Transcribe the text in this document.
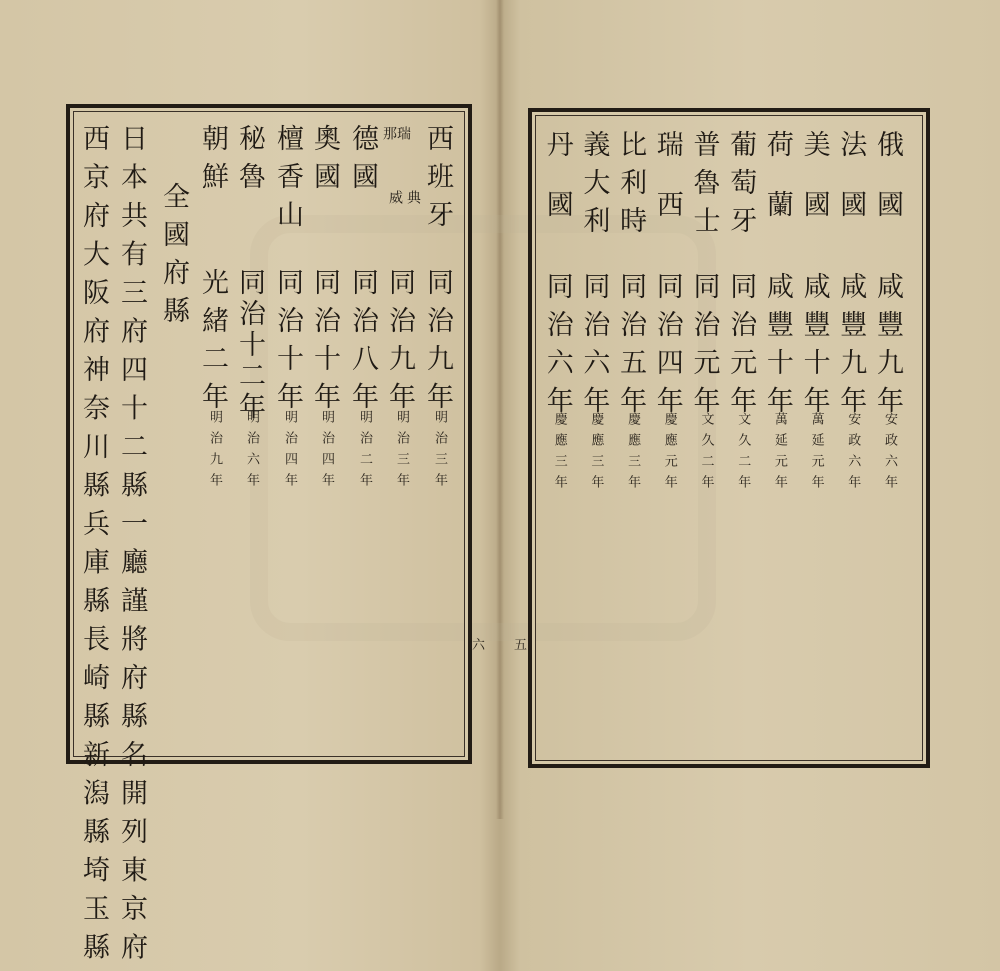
西班牙
同治九年
明治三年
瑞
那
典
威
同治九年
明治三年
德國
同治八年
明治二年
奧國
同治十年
明治四年
檀香山
同治十年
明治四年
秘魯
同治十二年
明治六年
朝鮮
光緒二年
明治九年
全國府縣
日本共有三府四十二縣一廳謹將府縣名開列東京府
西京府大阪府神奈川縣兵庫縣長崎縣新潟縣埼玉縣	六 五
俄國
咸豐九年
安政六年
法國
咸豐九年
安政六年
美國
咸豐十年
萬延元年
荷蘭
咸豐十年
萬延元年
葡萄牙
同治元年
文久二年
普魯士
同治元年
文久二年
瑞西
同治四年
慶應元年
比利時
同治五年
慶應三年
義大利
同治六年
慶應三年
丹國
同治六年
慶應三年
